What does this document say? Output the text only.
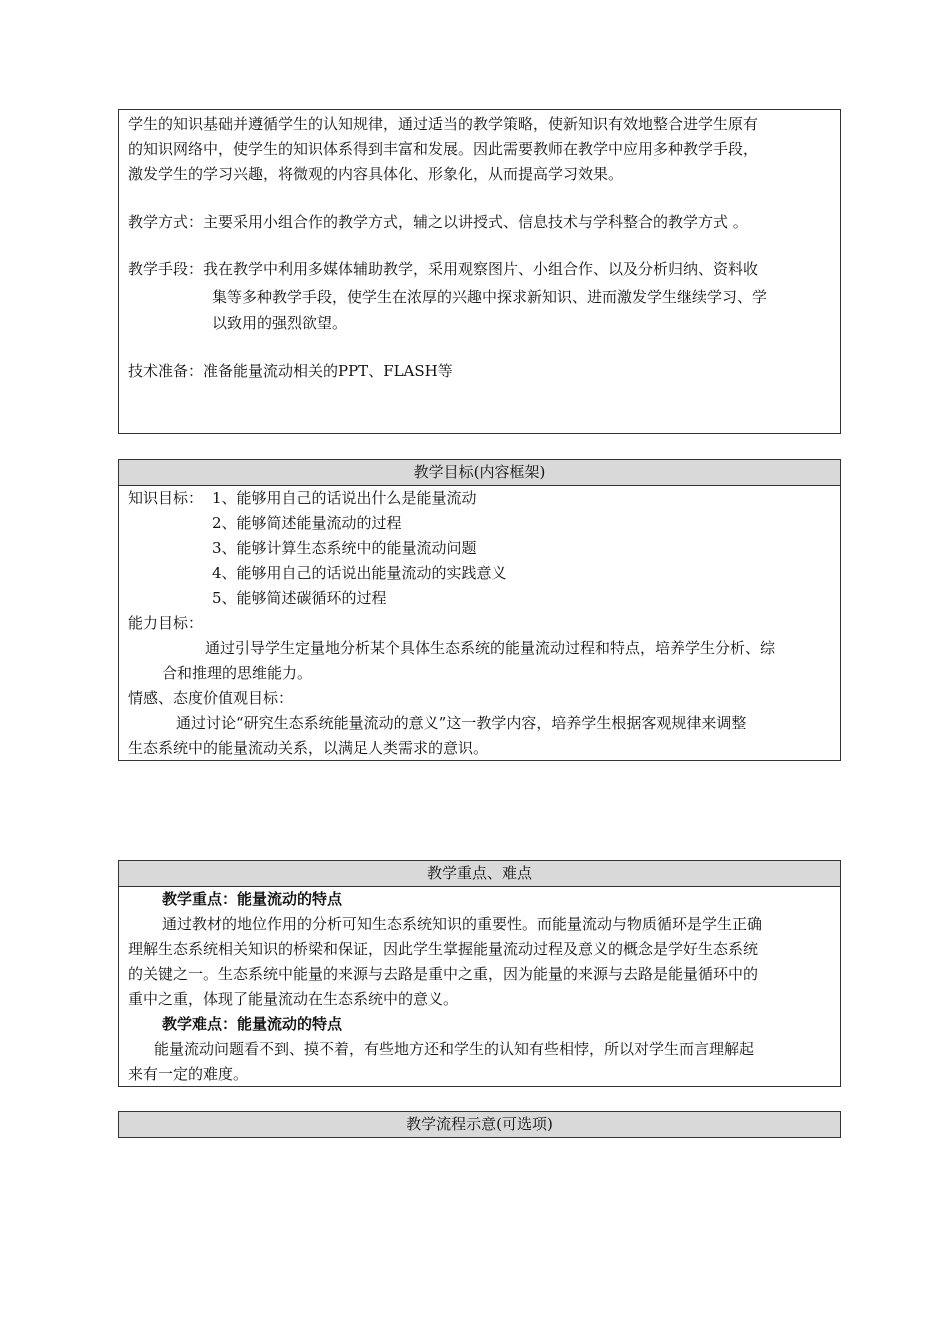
学生的知识基础并遵循学生的认知规律，通过适当的教学策略，使新知识有效地整合进学生原有
的知识网络中，使学生的知识体系得到丰富和发展。因此需要教师在教学中应用多种教学手段，
激发学生的学习兴趣，将微观的内容具体化、形象化，从而提高学习效果。
教学方式：主要采用小组合作的教学方式，辅之以讲授式、信息技术与学科整合的教学方式 。
教学手段：我在教学中利用多媒体辅助教学，采用观察图片、小组合作、以及分析归纳、资料收
集等多种教学手段，使学生在浓厚的兴趣中探求新知识、进而激发学生继续学习、学
以致用的强烈欲望。
技术准备：准备能量流动相关的PPT、FLASH等
教学目标(内容框架)
知识目标： 1、能够用自己的话说出什么是能量流动
2、能够简述能量流动的过程
3、能够计算生态系统中的能量流动问题
4、能够用自己的话说出能量流动的实践意义
5、能够简述碳循环的过程
能力目标：
通过引导学生定量地分析某个具体生态系统的能量流动过程和特点，培养学生分析、综
合和推理的思维能力。
情感、态度价值观目标：
通过讨论“研究生态系统能量流动的意义”这一教学内容，培养学生根据客观规律来调整
生态系统中的能量流动关系，以满足人类需求的意识。
教学重点、难点
教学重点：能量流动的特点
通过教材的地位作用的分析可知生态系统知识的重要性。而能量流动与物质循环是学生正确
理解生态系统相关知识的桥梁和保证，因此学生掌握能量流动过程及意义的概念是学好生态系统
的关键之一。生态系统中能量的来源与去路是重中之重，因为能量的来源与去路是能量循环中的
重中之重，体现了能量流动在生态系统中的意义。
教学难点：能量流动的特点
能量流动问题看不到、摸不着，有些地方还和学生的认知有些相悖，所以对学生而言理解起
来有一定的难度。
教学流程示意(可选项)
